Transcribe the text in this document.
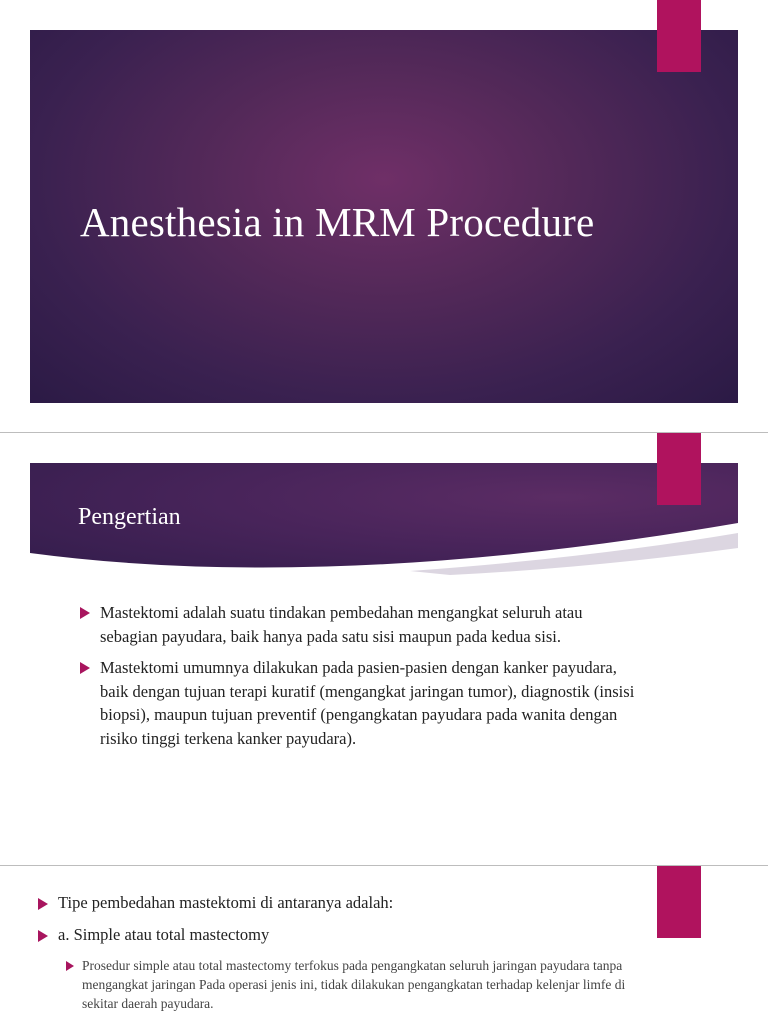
Anesthesia in MRM Procedure
Pengertian
Mastektomi adalah suatu tindakan pembedahan mengangkat seluruh atau sebagian payudara, baik hanya pada satu sisi maupun pada kedua sisi.
Mastektomi umumnya dilakukan pada pasien-pasien dengan kanker payudara, baik dengan tujuan terapi kuratif (mengangkat jaringan tumor), diagnostik (insisi biopsi), maupun tujuan preventif (pengangkatan payudara pada wanita dengan risiko tinggi terkena kanker payudara).
Tipe pembedahan mastektomi di antaranya adalah:
a. Simple atau total mastectomy
Prosedur simple atau total mastectomy terfokus pada pengangkatan seluruh jaringan payudara tanpa mengangkat jaringan Pada operasi jenis ini, tidak dilakukan pengangkatan terhadap kelenjar limfe di sekitar daerah payudara.
